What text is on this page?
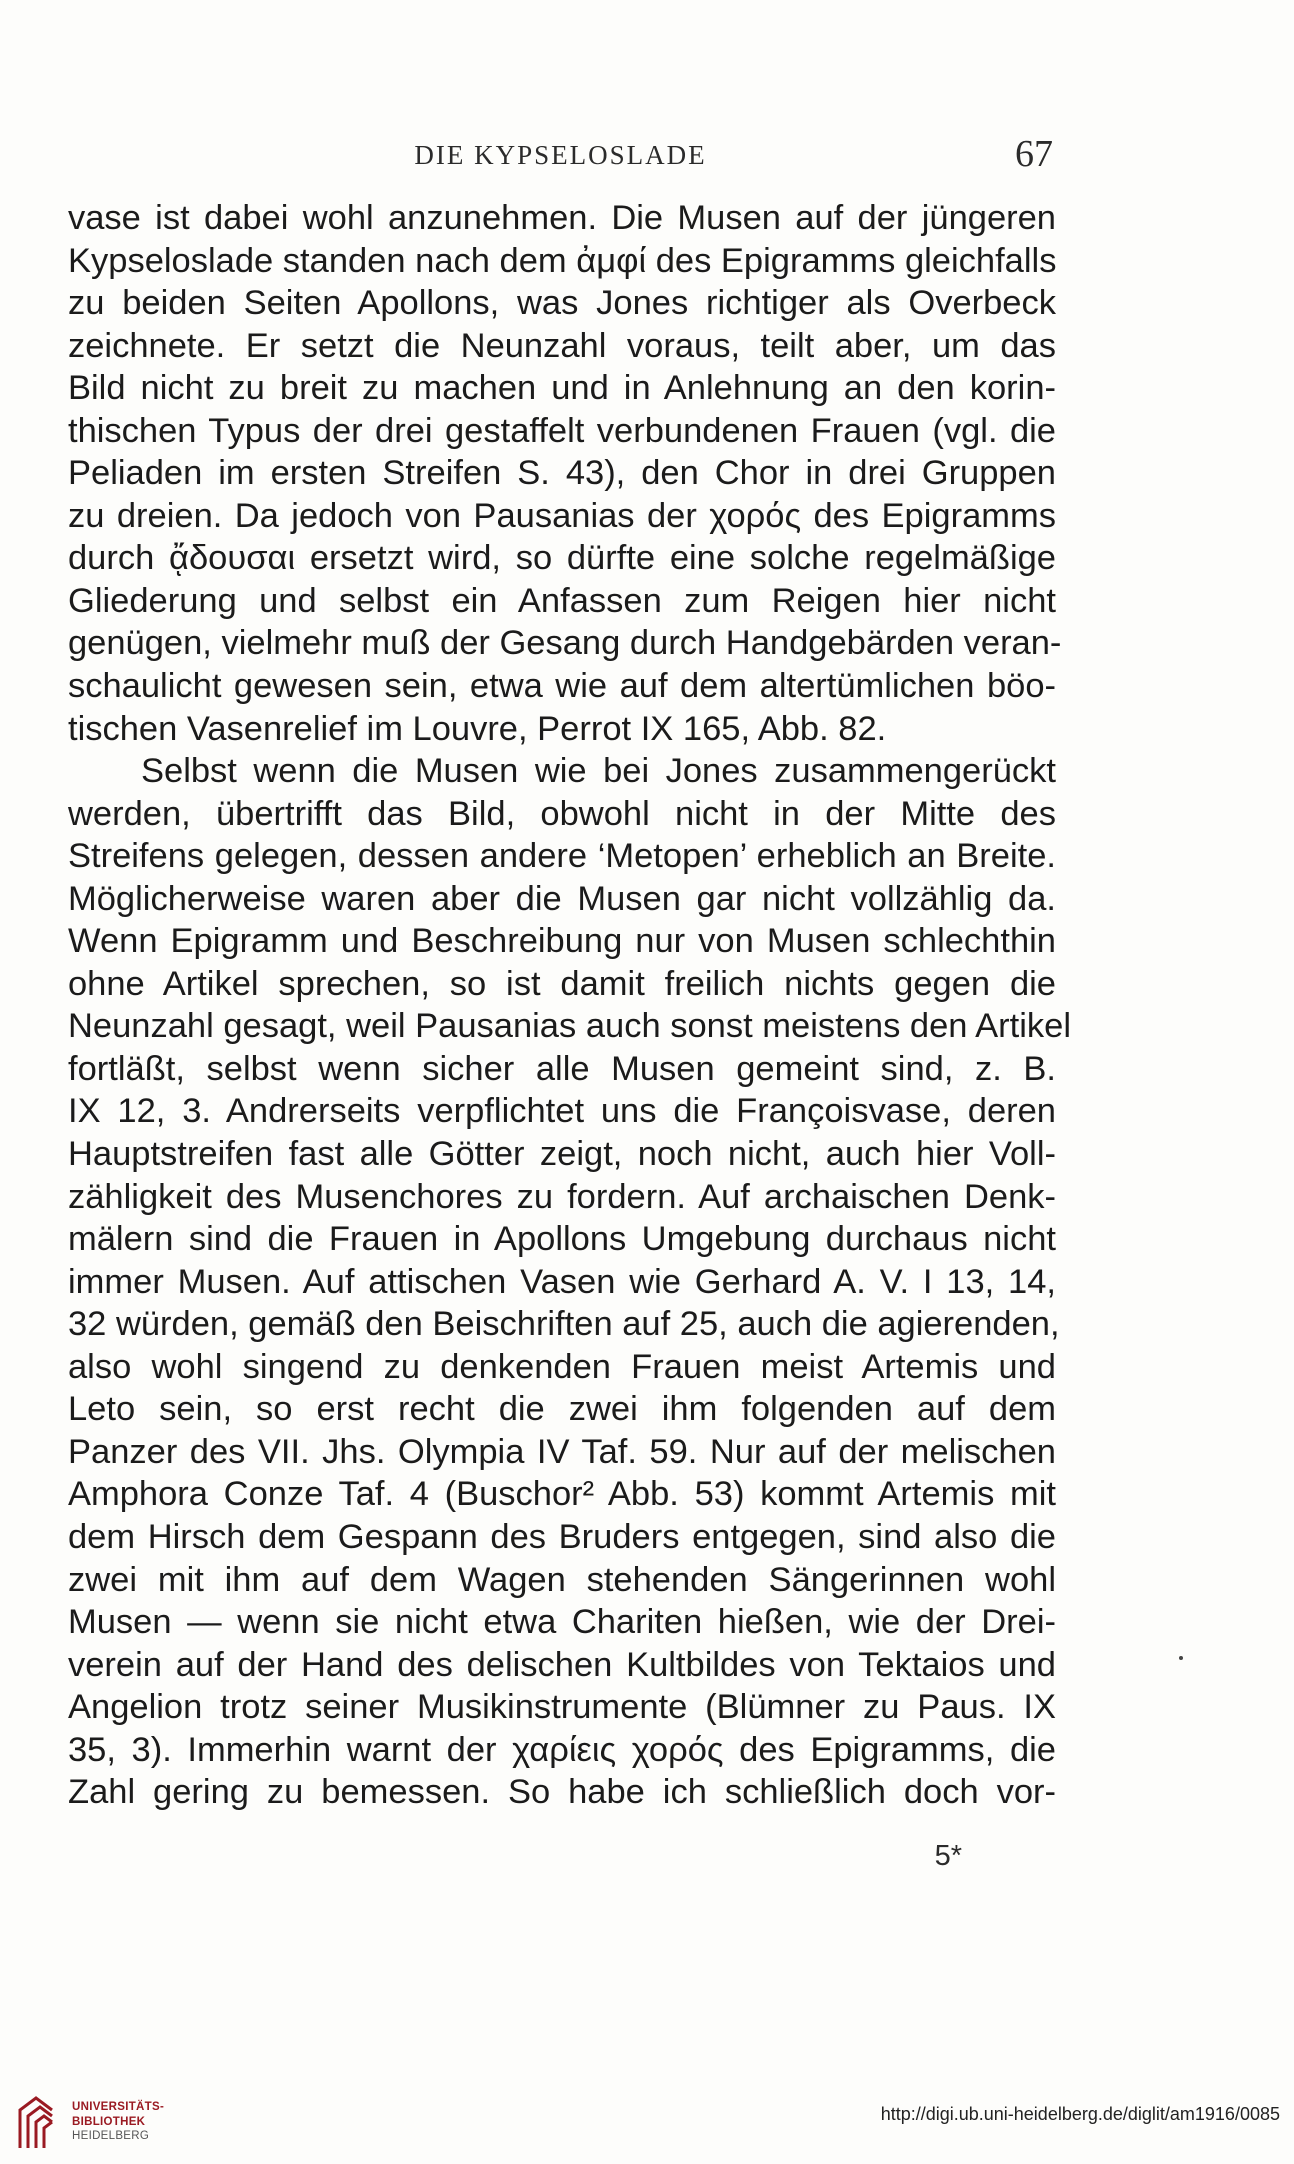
DIE KYPSELOSLADE	67
vase ist dabei wohl anzunehmen. Die Musen auf der jüngeren
Kypseloslade standen nach dem ἀμφί des Epigramms gleichfalls
zu beiden Seiten Apollons, was Jones richtiger als Overbeck
zeichnete. Er setzt die Neunzahl voraus, teilt aber, um das
Bild nicht zu breit zu machen und in Anlehnung an den korin-
thischen Typus der drei gestaffelt verbundenen Frauen (vgl. die
Peliaden im ersten Streifen S. 43), den Chor in drei Gruppen
zu dreien. Da jedoch von Pausanias der χορός des Epigramms
durch ᾄδουσαι ersetzt wird, so dürfte eine solche regelmäßige
Gliederung und selbst ein Anfassen zum Reigen hier nicht
genügen, vielmehr muß der Gesang durch Handgebärden veran-
schaulicht gewesen sein, etwa wie auf dem altertümlichen böo-
tischen Vasenrelief im Louvre, Perrot IX 165, Abb. 82.
Selbst wenn die Musen wie bei Jones zusammengerückt
werden, übertrifft das Bild, obwohl nicht in der Mitte des
Streifens gelegen, dessen andere ‘Metopen’ erheblich an Breite.
Möglicherweise waren aber die Musen gar nicht vollzählig da.
Wenn Epigramm und Beschreibung nur von Musen schlechthin
ohne Artikel sprechen, so ist damit freilich nichts gegen die
Neunzahl gesagt, weil Pausanias auch sonst meistens den Artikel
fortläßt, selbst wenn sicher alle Musen gemeint sind, z. B.
IX 12, 3. Andrerseits verpflichtet uns die Françoisvase, deren
Hauptstreifen fast alle Götter zeigt, noch nicht, auch hier Voll-
zähligkeit des Musenchores zu fordern. Auf archaischen Denk-
mälern sind die Frauen in Apollons Umgebung durchaus nicht
immer Musen. Auf attischen Vasen wie Gerhard A. V. I 13, 14,
32 würden, gemäß den Beischriften auf 25, auch die agierenden,
also wohl singend zu denkenden Frauen meist Artemis und
Leto sein, so erst recht die zwei ihm folgenden auf dem
Panzer des VII. Jhs. Olympia IV Taf. 59. Nur auf der melischen
Amphora Conze Taf. 4 (Buschor² Abb. 53) kommt Artemis mit
dem Hirsch dem Gespann des Bruders entgegen, sind also die
zwei mit ihm auf dem Wagen stehenden Sängerinnen wohl
Musen — wenn sie nicht etwa Chariten hießen, wie der Drei-
verein auf der Hand des delischen Kultbildes von Tektaios und
Angelion trotz seiner Musikinstrumente (Blümner zu Paus. IX
35, 3). Immerhin warnt der χαρίεις χορός des Epigramms, die
Zahl gering zu bemessen. So habe ich schließlich doch vor-
5*
UNIVERSITÄTS-
BIBLIOTHEK
HEIDELBERG
http://digi.ub.uni-heidelberg.de/diglit/am1916/0085
